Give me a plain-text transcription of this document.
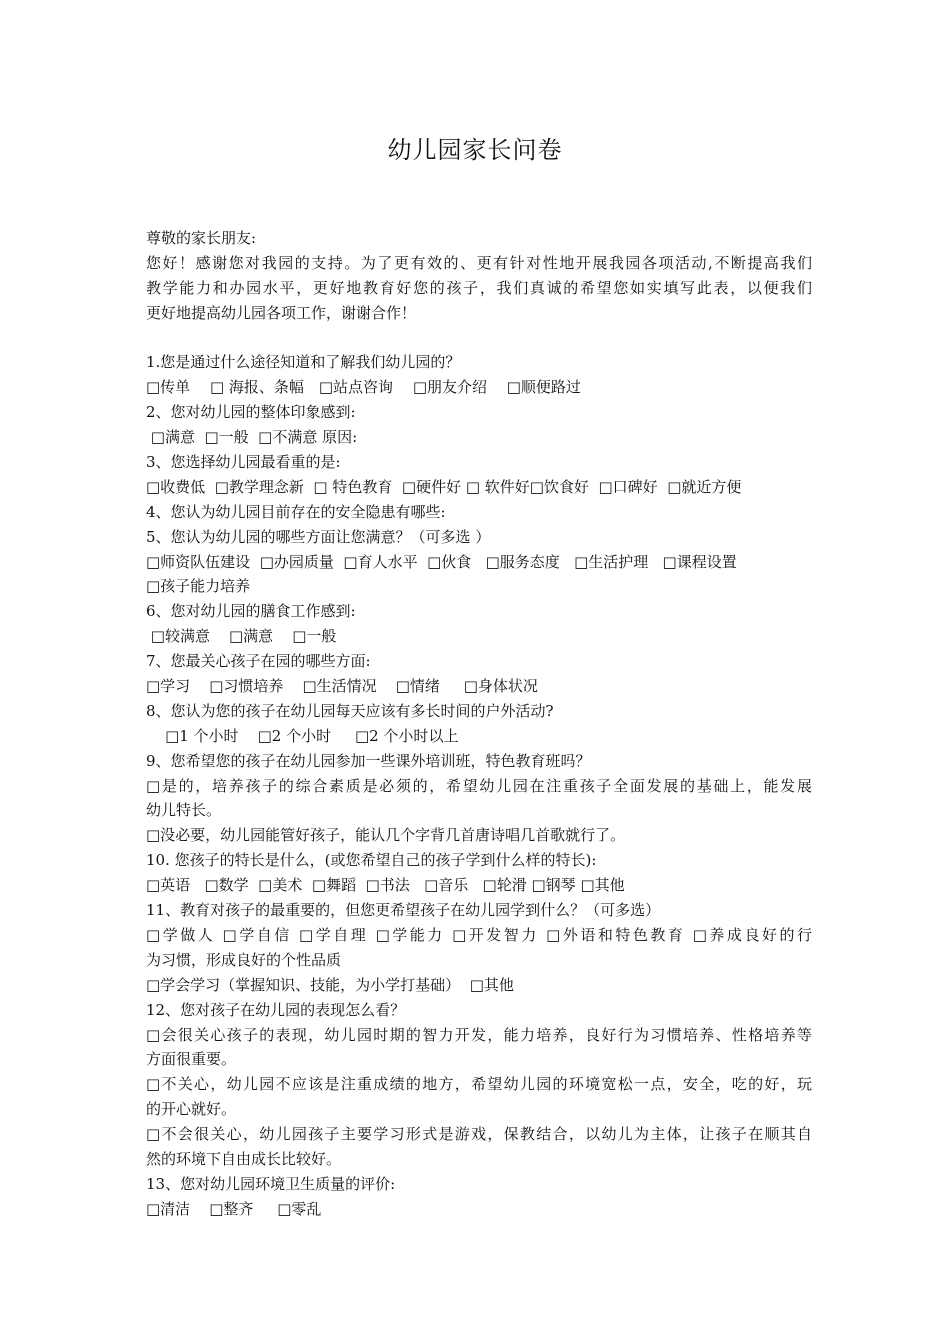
幼儿园家长问卷
尊敬的家长朋友:
您好！感谢您对我园的支持。为了更有效的、更有针对性地开展我园各项活动,不断提高我们
教学能力和办园水平，更好地教育好您的孩子，我们真诚的希望您如实填写此表，以便我们
更好地提高幼儿园各项工作，谢谢合作！
1.您是通过什么途径知道和了解我们幼儿园的？
□传单　 □ 海报、条幅　□站点咨询　 □朋友介绍　 □顺便路过
2、您对幼儿园的整体印象感到:
□满意  □一般  □不满意 原因:
3、您选择幼儿园最看重的是:
□收费低  □教学理念新  □ 特色教育  □硬件好 □ 软件好□饮食好  □口碑好  □就近方便
4、您认为幼儿园目前存在的安全隐患有哪些:
5、您认为幼儿园的哪些方面让您满意？（可多选 ）
□师资队伍建设  □办园质量  □育人水平  □伙食   □服务态度   □生活护理   □课程设置
□孩子能力培养
6、您对幼儿园的膳食工作感到:
□较满意    □满意    □一般
7、您最关心孩子在园的哪些方面:
□学习    □习惯培养    □生活情况    □情绪     □身体状况
8、您认为您的孩子在幼儿园每天应该有多长时间的户外活动?
□1 个小时    □2 个小时     □2 个小时以上
9、您希望您的孩子在幼儿园参加一些课外培训班，特色教育班吗？
□是的，培养孩子的综合素质是必须的，希望幼儿园在注重孩子全面发展的基础上，能发展
幼儿特长。
□没必要，幼儿园能管好孩子，能认几个字背几首唐诗唱几首歌就行了。
10. 您孩子的特长是什么，(或您希望自己的孩子学到什么样的特长):
□英语   □数学  □美术  □舞蹈  □书法   □音乐   □轮滑 □钢琴 □其他
11、教育对孩子的最重要的，但您更希望孩子在幼儿园学到什么？（可多选）
□学做人 □学自信 □学自理 □学能力 □开发智力 □外语和特色教育 □养成良好的行
为习惯，形成良好的个性品质
□学会学习（掌握知识、技能，为小学打基础）  □其他
12、您对孩子在幼儿园的表现怎么看？
□会很关心孩子的表现，幼儿园时期的智力开发，能力培养，良好行为习惯培养、性格培养等
方面很重要。
□不关心，幼儿园不应该是注重成绩的地方，希望幼儿园的环境宽松一点，安全，吃的好，玩
的开心就好。
□不会很关心，幼儿园孩子主要学习形式是游戏，保教结合，以幼儿为主体，让孩子在顺其自
然的环境下自由成长比较好。
13、您对幼儿园环境卫生质量的评价:
□清洁    □整齐     □零乱
